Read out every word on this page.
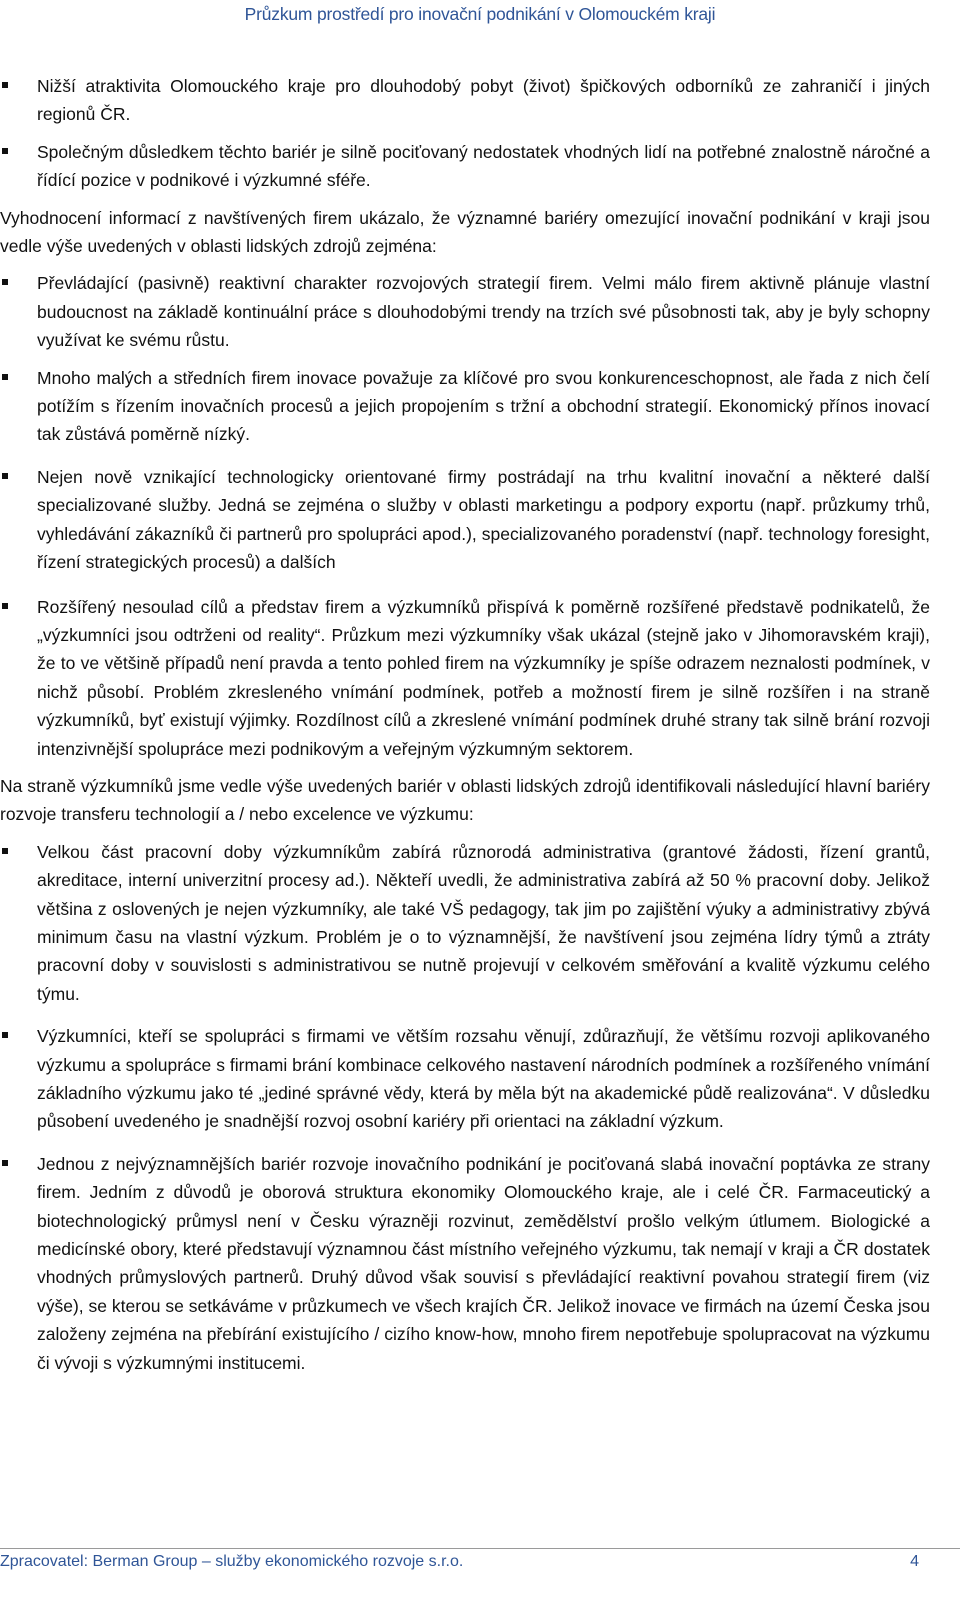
Průzkum prostředí pro inovační podnikání v Olomouckém kraji

Nižší atraktivita Olomouckého kraje pro dlouhodobý pobyt (život) špičkových odborníků ze zahraničí i jiných regionů ČR.

Společným důsledkem těchto bariér je silně pociťovaný nedostatek vhodných lidí na potřebné znalostně náročné a řídící pozice v podnikové i výzkumné sféře.

Vyhodnocení informací z navštívených firem ukázalo, že významné bariéry omezující inovační podnikání v kraji jsou vedle výše uvedených v oblasti lidských zdrojů zejména:

Převládající (pasivně) reaktivní charakter rozvojových strategií firem. Velmi málo firem aktivně plánuje vlastní budoucnost na základě kontinuální práce s dlouhodobými trendy na trzích své působnosti tak, aby je byly schopny využívat ke svému růstu.

Mnoho malých a středních firem inovace považuje za klíčové pro svou konkurenceschopnost, ale řada z nich čelí potížím s řízením inovačních procesů a jejich propojením s tržní a obchodní strategií. Ekonomický přínos inovací tak zůstává poměrně nízký.

Nejen nově vznikající technologicky orientované firmy postrádají na trhu kvalitní inovační a některé další specializované služby. Jedná se zejména o služby v oblasti marketingu a podpory exportu (např. průzkumy trhů, vyhledávání zákazníků či partnerů pro spolupráci apod.), specializovaného poradenství (např. technology foresight, řízení strategických procesů) a dalších

Rozšířený nesoulad cílů a představ firem a výzkumníků přispívá k poměrně rozšířené představě podnikatelů, že „výzkumníci jsou odtrženi od reality“. Průzkum mezi výzkumníky však ukázal (stejně jako v Jihomoravském kraji), že to ve většině případů není pravda a tento pohled firem na výzkumníky je spíše odrazem neznalosti podmínek, v nichž působí. Problém zkresleného vnímání podmínek, potřeb a možností firem je silně rozšířen i na straně výzkumníků, byť existují výjimky. Rozdílnost cílů a zkreslené vnímání podmínek druhé strany tak silně brání rozvoji intenzivnější spolupráce mezi podnikovým a veřejným výzkumným sektorem.

Na straně výzkumníků jsme vedle výše uvedených bariér v oblasti lidských zdrojů identifikovali následující hlavní bariéry rozvoje transferu technologií a / nebo excelence ve výzkumu:

Velkou část pracovní doby výzkumníkům zabírá různorodá administrativa (grantové žádosti, řízení grantů, akreditace, interní univerzitní procesy ad.). Někteří uvedli, že administrativa zabírá až 50 % pracovní doby. Jelikož většina z oslovených je nejen výzkumníky, ale také VŠ pedagogy, tak jim po zajištění výuky a administrativy zbývá minimum času na vlastní výzkum. Problém je o to významnější, že navštívení jsou zejména lídry týmů a ztráty pracovní doby v souvislosti s administrativou se nutně projevují v celkovém směřování a kvalitě výzkumu celého týmu.

Výzkumníci, kteří se spolupráci s firmami ve větším rozsahu věnují, zdůrazňují, že většímu rozvoji aplikovaného výzkumu a spolupráce s firmami brání kombinace celkového nastavení národních podmínek a rozšířeného vnímání základního výzkumu jako té „jediné správné vědy, která by měla být na akademické půdě realizována“. V důsledku působení uvedeného je snadnější rozvoj osobní kariéry při orientaci na základní výzkum.

Jednou z nejvýznamnějších bariér rozvoje inovačního podnikání je pociťovaná slabá inovační poptávka ze strany firem. Jedním z důvodů je oborová struktura ekonomiky Olomouckého kraje, ale i celé ČR. Farmaceutický a biotechnologický průmysl není v Česku výrazněji rozvinut, zemědělství prošlo velkým útlumem. Biologické a medicínské obory, které představují významnou část místního veřejného výzkumu, tak nemají v kraji a ČR dostatek vhodných průmyslových partnerů. Druhý důvod však souvisí s převládající reaktivní povahou strategií firem (viz výše), se kterou se setkáváme v průzkumech ve všech krajích ČR. Jelikož inovace ve firmách na území Česka jsou založeny zejména na přebírání existujícího / cizího know-how, mnoho firem nepotřebuje spolupracovat na výzkumu či vývoji s výzkumnými institucemi.

Zpracovatel: Berman Group – služby ekonomického rozvoje s.r.o.	4
